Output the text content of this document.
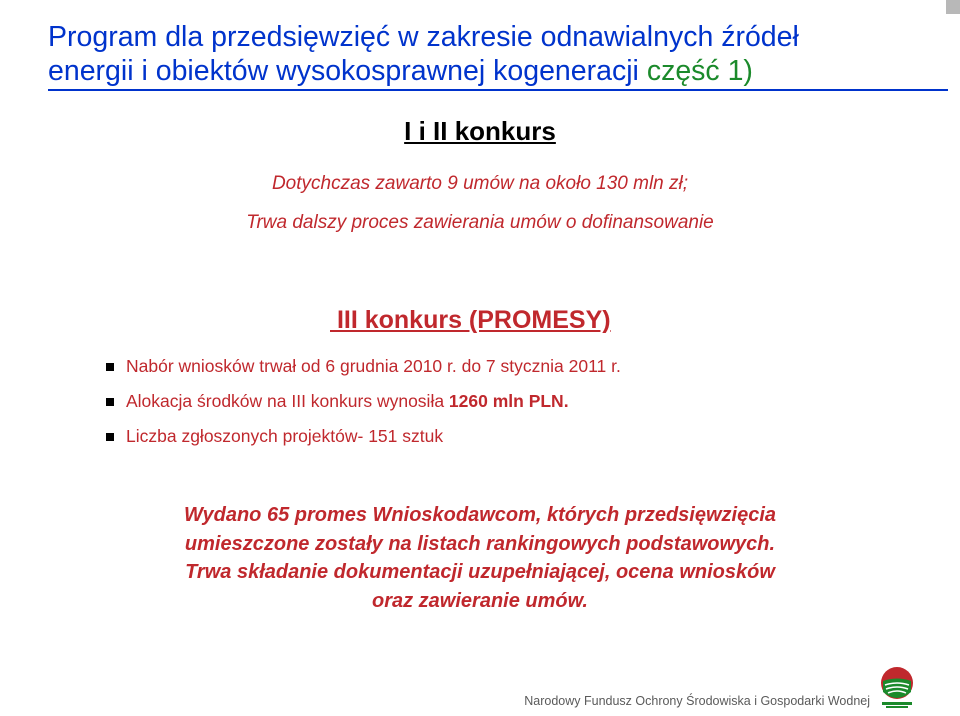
Program dla przedsięwzięć w zakresie odnawialnych źródeł
energii i obiektów wysokosprawnej kogeneracji część 1)
I i II konkurs

Dotychczas zawarto 9 umów na około 130 mln zł;

Trwa dalszy proces zawierania umów o dofinansowanie

III konkurs (PROMESY)
Nabór wniosków trwał od 6 grudnia 2010 r. do 7 stycznia 2011 r.
Alokacja środków na III konkurs wynosiła 1260 mln PLN.
Liczba zgłoszonych projektów- 151 sztuk

Wydano 65 promes Wnioskodawcom, których przedsięwzięcia
umieszczone zostały na listach rankingowych podstawowych.
Trwa składanie dokumentacji uzupełniającej, ocena wniosków
oraz zawieranie umów.

Narodowy Fundusz Ochrony Środowiska i Gospodarki Wodnej
